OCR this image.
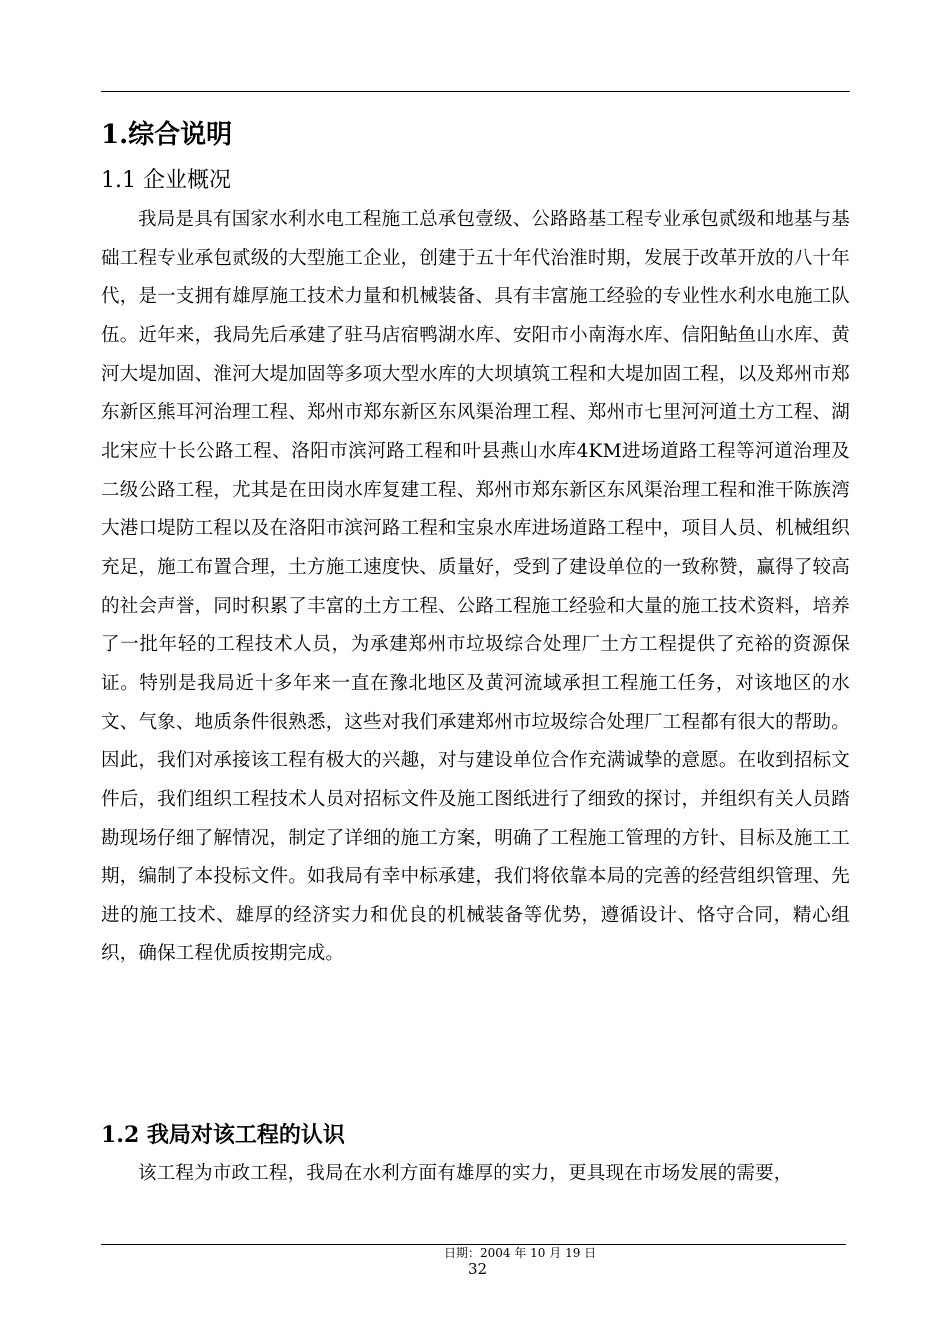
1.综合说明
1.1 企业概况

我局是具有国家水利水电工程施工总承包壹级、公路路基工程专业承包贰级和地基与基础工程专业承包贰级的大型施工企业，创建于五十年代治淮时期，发展于改革开放的八十年代，是一支拥有雄厚施工技术力量和机械装备、具有丰富施工经验的专业性水利水电施工队伍。近年来，我局先后承建了驻马店宿鸭湖水库、安阳市小南海水库、信阳鲇鱼山水库、黄河大堤加固、淮河大堤加固等多项大型水库的大坝填筑工程和大堤加固工程，以及郑州市郑东新区熊耳河治理工程、郑州市郑东新区东风渠治理工程、郑州市七里河河道土方工程、湖北宋应十长公路工程、洛阳市滨河路工程和叶县燕山水库4KM进场道路工程等河道治理及二级公路工程，尤其是在田岗水库复建工程、郑州市郑东新区东风渠治理工程和淮干陈族湾大港口堤防工程以及在洛阳市滨河路工程和宝泉水库进场道路工程中，项目人员、机械组织充足，施工布置合理，土方施工速度快、质量好，受到了建设单位的一致称赞，赢得了较高的社会声誉，同时积累了丰富的土方工程、公路工程施工经验和大量的施工技术资料，培养了一批年轻的工程技术人员，为承建郑州市垃圾综合处理厂土方工程提供了充裕的资源保证。特别是我局近十多年来一直在豫北地区及黄河流域承担工程施工任务，对该地区的水文、气象、地质条件很熟悉，这些对我们承建郑州市垃圾综合处理厂工程都有很大的帮助。因此，我们对承接该工程有极大的兴趣，对与建设单位合作充满诚挚的意愿。在收到招标文件后，我们组织工程技术人员对招标文件及施工图纸进行了细致的探讨，并组织有关人员踏勘现场仔细了解情况，制定了详细的施工方案，明确了工程施工管理的方针、目标及施工工期，编制了本投标文件。如我局有幸中标承建，我们将依靠本局的完善的经营组织管理、先进的施工技术、雄厚的经济实力和优良的机械装备等优势，遵循设计、恪守合同，精心组织，确保工程优质按期完成。

1.2 我局对该工程的认识

该工程为市政工程，我局在水利方面有雄厚的实力，更具现在市场发展的需要，

日期：2004 年 10 月 19 日
32
